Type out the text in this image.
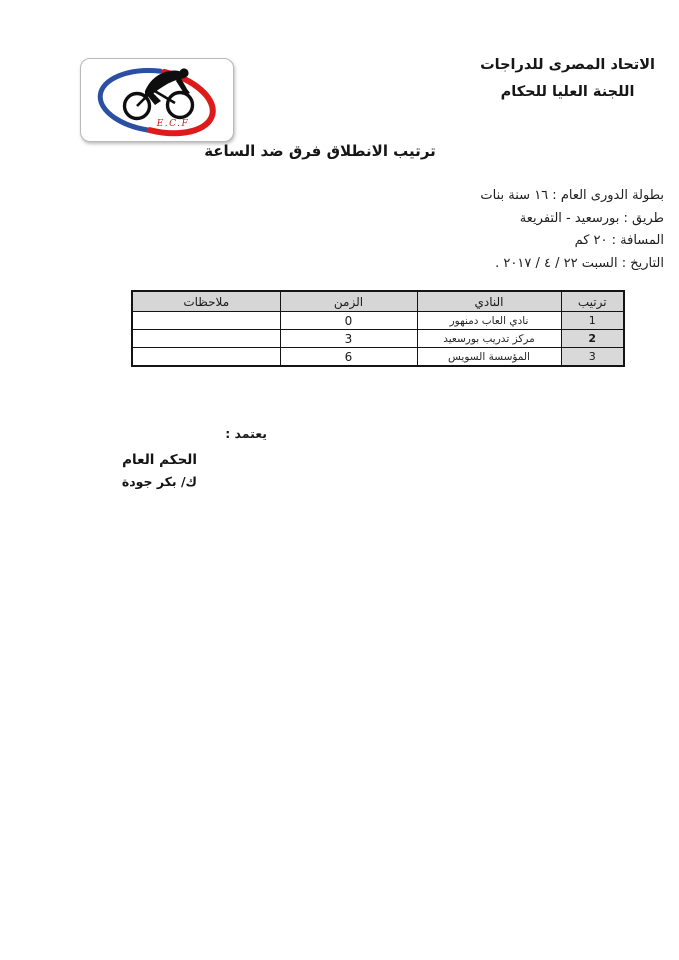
E.C.F
الاتحاد المصرى للدراجات
اللجنة العليا للحكام
ترتيب الانطلاق فرق ضد الساعة
بطولة الدورى العام : ١٦ سنة بنات
طريق : بورسعيد - التفريعة
المسافة : ٢٠ كم
التاريخ : السبت ٢٢ / ٤ / ٢٠١٧ .
ترتيب	النادي	الزمن	ملاحظات
1	نادي العاب دمنهور	0	
2	مركز تدريب بورسعيد	3	
3	المؤسسة السويس	6	
يعتمد :
الحكم العام
ك/ بكر جودة
